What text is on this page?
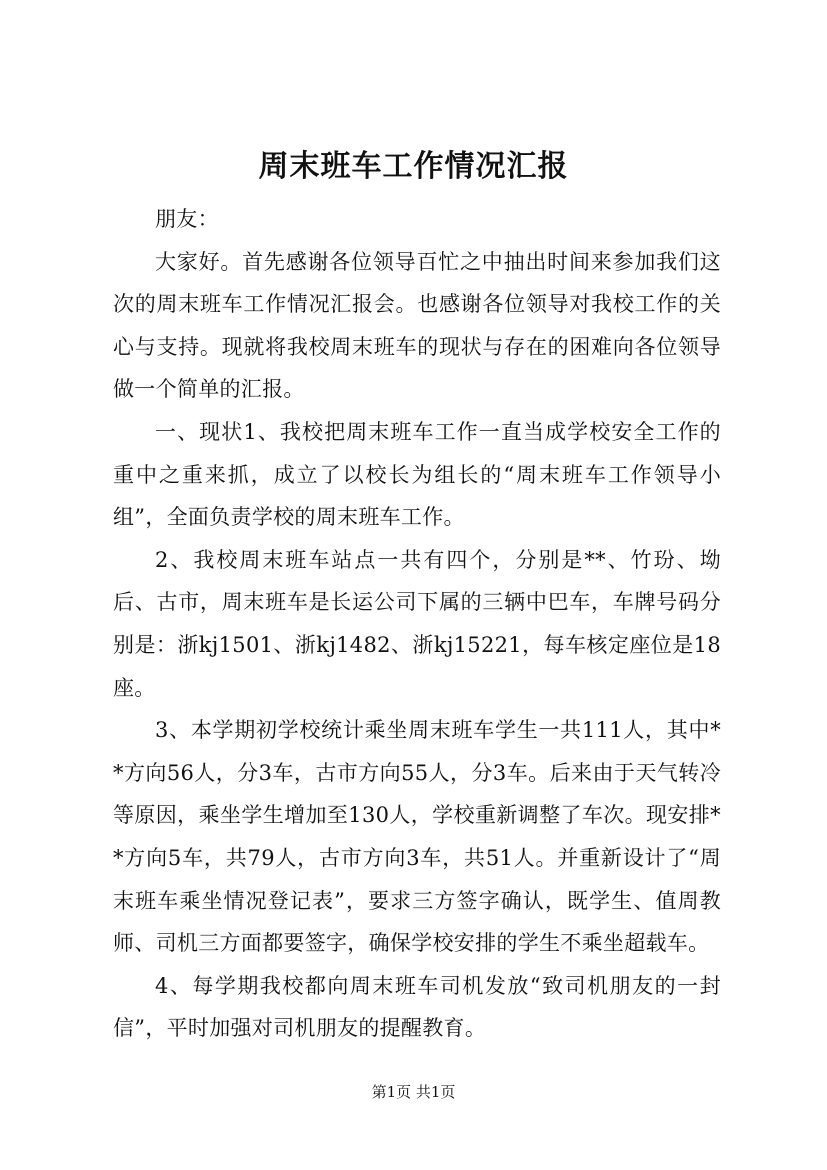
周末班车工作情况汇报

朋友：

大家好。首先感谢各位领导百忙之中抽出时间来参加我们这次的周末班车工作情况汇报会。也感谢各位领导对我校工作的关心与支持。现就将我校周末班车的现状与存在的困难向各位领导做一个简单的汇报。

一、现状1、我校把周末班车工作一直当成学校安全工作的重中之重来抓，成立了以校长为组长的“周末班车工作领导小组”，全面负责学校的周末班车工作。

2、我校周末班车站点一共有四个，分别是**、竹玢、坳后、古市，周末班车是长运公司下属的三辆中巴车，车牌号码分别是：浙kj1501、浙kj1482、浙kj15221，每车核定座位是18座。

3、本学期初学校统计乘坐周末班车学生一共111人，其中**方向56人，分3车，古市方向55人，分3车。后来由于天气转冷等原因，乘坐学生增加至130人，学校重新调整了车次。现安排**方向5车，共79人，古市方向3车，共51人。并重新设计了“周末班车乘坐情况登记表”，要求三方签字确认，既学生、值周教师、司机三方面都要签字，确保学校安排的学生不乘坐超载车。

4、每学期我校都向周末班车司机发放“致司机朋友的一封信”，平时加强对司机朋友的提醒教育。

第1页 共1页
